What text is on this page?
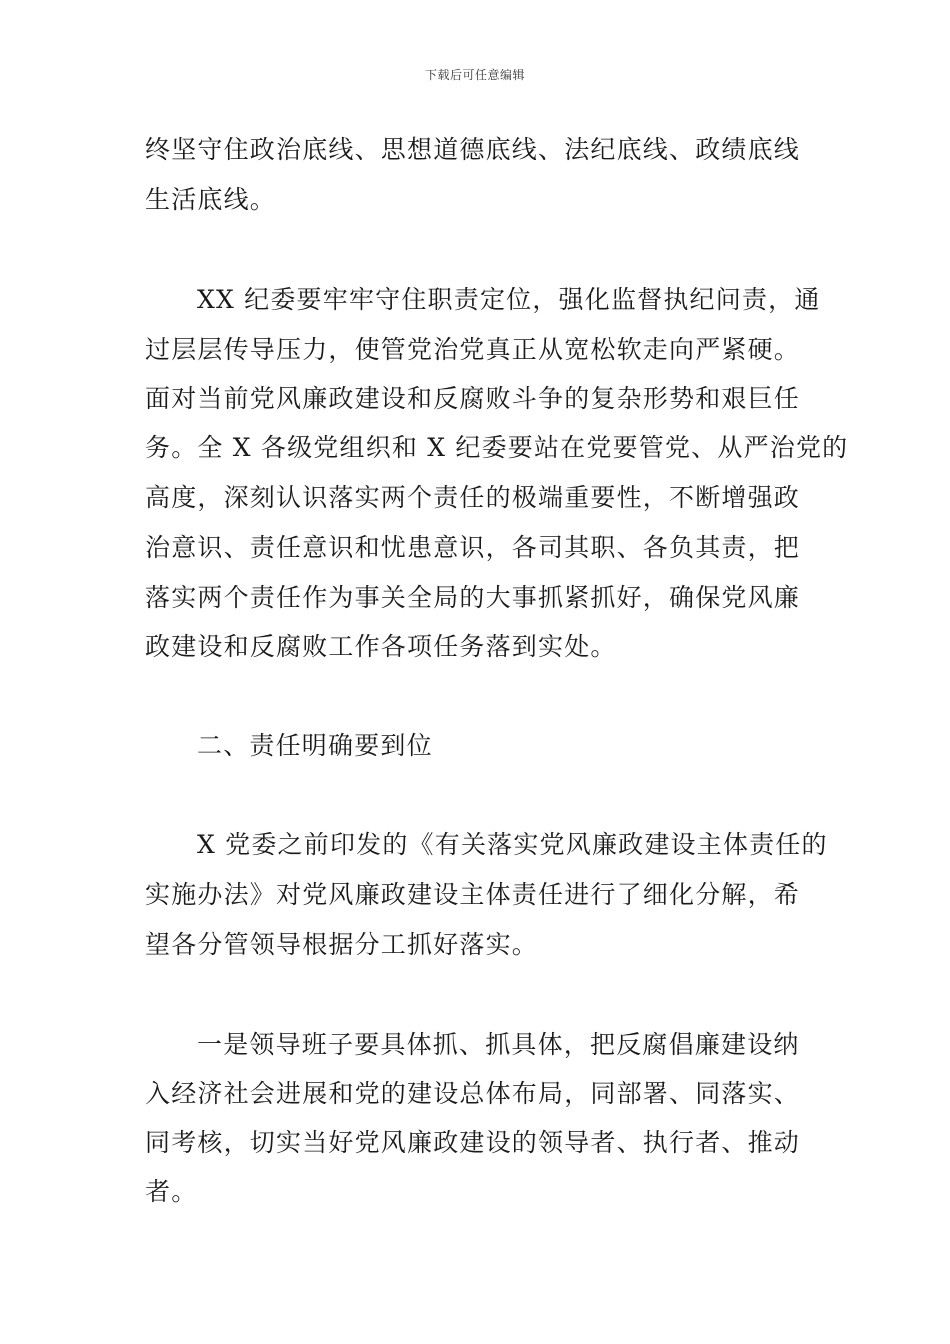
下载后可任意编辑
终坚守住政治底线、思想道德底线、法纪底线、政绩底线
生活底线。
XX 纪委要牢牢守住职责定位，强化监督执纪问责，通
过层层传导压力，使管党治党真正从宽松软走向严紧硬。
面对当前党风廉政建设和反腐败斗争的复杂形势和艰巨任
务。全 X 各级党组织和 X 纪委要站在党要管党、从严治党的
高度，深刻认识落实两个责任的极端重要性，不断增强政
治意识、责任意识和忧患意识，各司其职、各负其责，把
落实两个责任作为事关全局的大事抓紧抓好，确保党风廉
政建设和反腐败工作各项任务落到实处。
二、责任明确要到位
X 党委之前印发的《有关落实党风廉政建设主体责任的
实施办法》对党风廉政建设主体责任进行了细化分解，希
望各分管领导根据分工抓好落实。
一是领导班子要具体抓、抓具体，把反腐倡廉建设纳
入经济社会进展和党的建设总体布局，同部署、同落实、
同考核，切实当好党风廉政建设的领导者、执行者、推动
者。
